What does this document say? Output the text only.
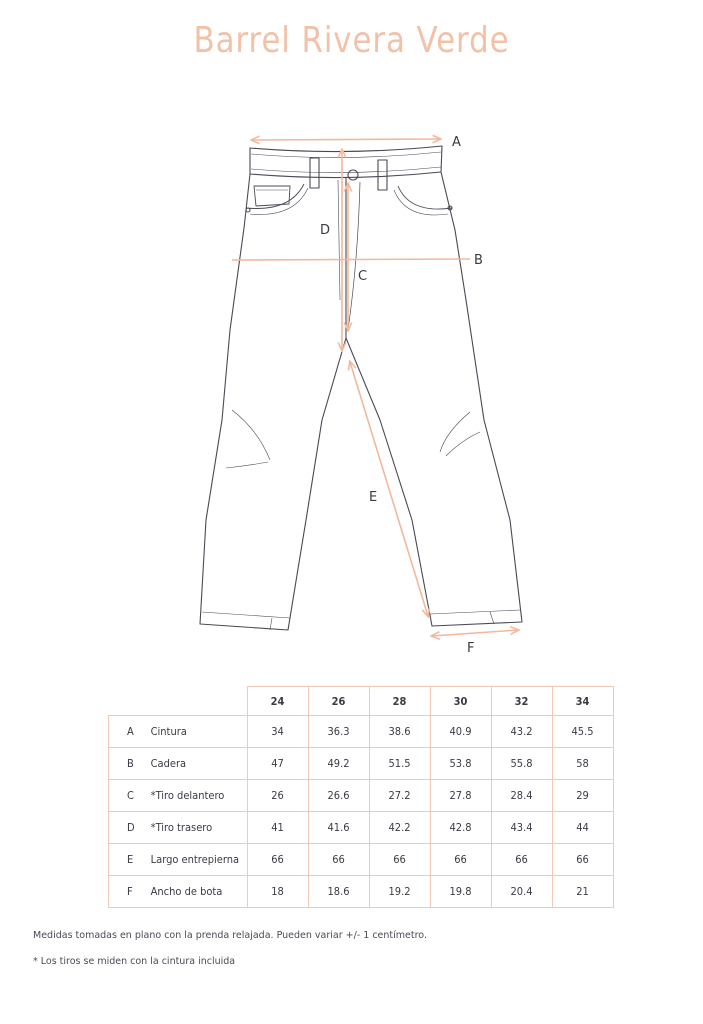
Barrel Rivera Verde
A
B
C
D
E
F
		24	26	28	30	32	34
A	Cintura	34	36.3	38.6	40.9	43.2	45.5
B	Cadera	47	49.2	51.5	53.8	55.8	58
C	*Tiro delantero	26	26.6	27.2	27.8	28.4	29
D	*Tiro trasero	41	41.6	42.2	42.8	43.4	44
E	Largo entrepierna	66	66	66	66	66	66
F	Ancho de bota	18	18.6	19.2	19.8	20.4	21
Medidas tomadas en plano con la prenda relajada. Pueden variar +/- 1 centímetro.
* Los tiros se miden con la cintura incluida
